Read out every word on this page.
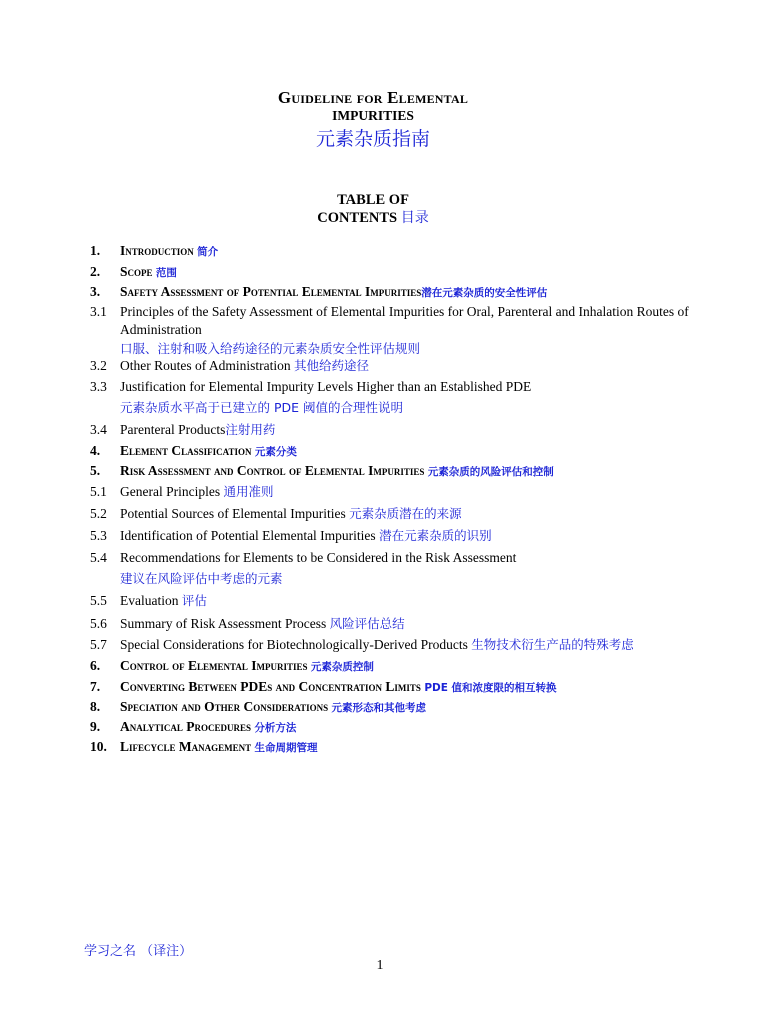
Guideline for Elemental
IMPURITIES
元素杂质指南
TABLE OF
CONTENTS 目录
1. Introduction 简介
2. Scope 范围
3. Safety Assessment of Potential Elemental Impurities潜在元素杂质的安全性评估
3.1 Principles of the Safety Assessment of Elemental Impurities for Oral, Parenteral and Inhalation Routes of Administration
口服、注射和吸入给药途径的元素杂质安全性评估规则
3.2 Other Routes of Administration 其他给药途径
3.3 Justification for Elemental Impurity Levels Higher than an Established PDE
元素杂质水平高于已建立的 PDE 阈值的合理性说明
3.4 Parenteral Products注射用药
4. Element Classification 元素分类
5. Risk Assessment and Control of Elemental Impurities 元素杂质的风险评估和控制
5.1 General Principles 通用准则
5.2 Potential Sources of Elemental Impurities 元素杂质潜在的来源
5.3 Identification of Potential Elemental Impurities 潜在元素杂质的识别
5.4 Recommendations for Elements to be Considered in the Risk Assessment
建议在风险评估中考虑的元素
5.5 Evaluation 评估
5.6 Summary of Risk Assessment Process 风险评估总结
5.7 Special Considerations for Biotechnologically-Derived Products 生物技术衍生产品的特殊考虑
6. Control of Elemental Impurities 元素杂质控制
7. Converting Between PDEs and Concentration Limits PDE 值和浓度限的相互转换
8. Speciation and Other Considerations 元素形态和其他考虑
9. Analytical Procedures 分析方法
10. Lifecycle Management 生命周期管理
学习之名 （译注）
1
